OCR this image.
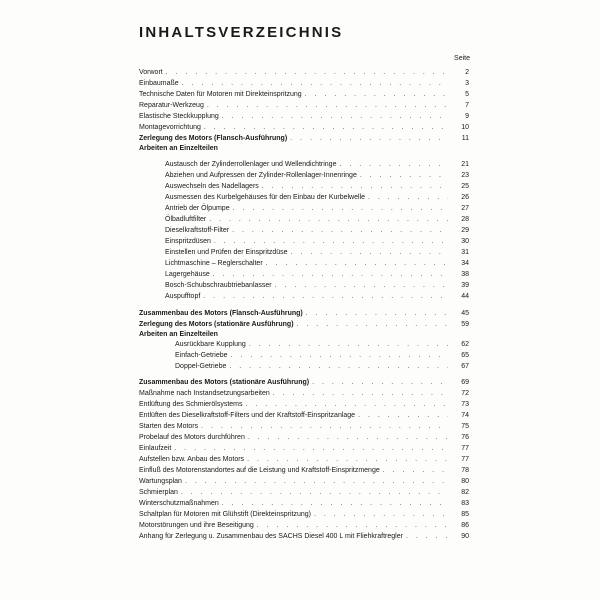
INHALTSVERZEICHNIS
Seite
Vorwort . . .	2
Einbaumaße . . .	3
Technische Daten für Motoren mit Direkteinspritzung . . .	5
Reparatur-Werkzeug . . .	7
Elastische Steckkupplung . . .	9
Montagevorrichtung . . .	10
Zerlegung des Motors (Flansch-Ausführung) . . .	11
Arbeiten an Einzelteilen
Austausch der Zylinderrollenlager und Wellendichtringe . . .	21
Abziehen und Aufpressen der Zylinder-Rollenlager-Innenringe . . .	23
Auswechseln des Nadellagers . . .	25
Ausmessen des Kurbelgehäuses für den Einbau der Kurbelwelle . . .	26
Antrieb der Ölpumpe . . .	27
Ölbadluftfilter . . .	28
Dieselkraftstoff-Filter . . .	29
Einspritzdüsen . . .	30
Einstellen und Prüfen der Einspritzdüse . . .	31
Lichtmaschine – Reglerschalter . . .	34
Lagergehäuse . . .	38
Bosch-Schubschraubtriebanlasser . . .	39
Auspufftopf . . .	44
Zusammenbau des Motors (Flansch-Ausführung) . . .	45
Zerlegung des Motors (stationäre Ausführung) . . .	59
Arbeiten an Einzelteilen
Ausrückbare Kupplung . . .	62
Einfach-Getriebe . . .	65
Doppel-Getriebe . . .	67
Zusammenbau des Motors (stationäre Ausführung) . . .	69
Maßnahme nach Instandsetzungsarbeiten . . .	72
Entlüftung des Schmierölsystems . . .	73
Entlüften des Dieselkraftstoff-Filters und der Kraftstoff-Einspritzanlage . . .	74
Starten des Motors . . .	75
Probelauf des Motors durchführen . . .	76
Einlaufzeit . . .	77
Aufstellen bzw. Anbau des Motors . . .	77
Einfluß des Motorenstandortes auf die Leistung und Kraftstoff-Einspritzmenge . . .	78
Wartungsplan . . .	80
Schmierplan . . .	82
Winterschutzmaßnahmen . . .	83
Schaltplan für Motoren mit Glühstift (Direkteinspritzung) . . .	85
Motorstörungen und ihre Beseitigung . . .	86
Anhang für Zerlegung u. Zusammenbau des SACHS Diesel 400 L mit Fliehkraftregler . . .	90
